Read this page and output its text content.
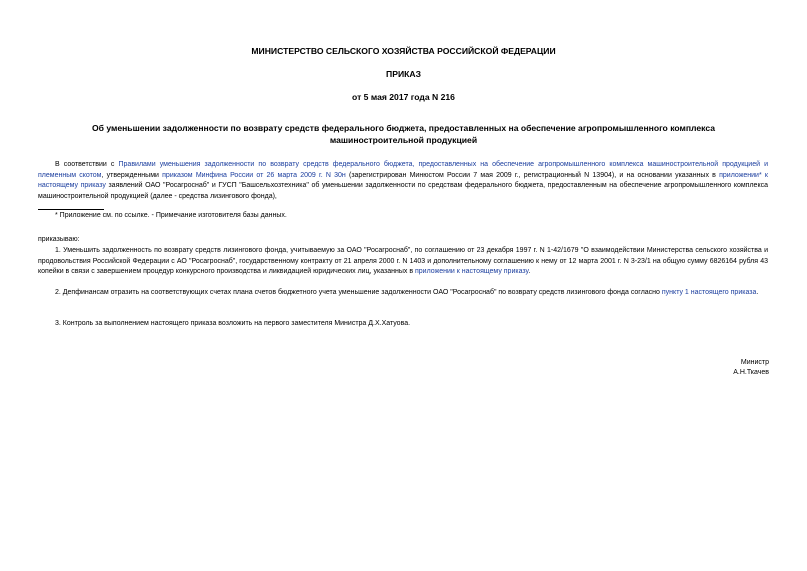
МИНИСТЕРСТВО СЕЛЬСКОГО ХОЗЯЙСТВА РОССИЙСКОЙ ФЕДЕРАЦИИ
ПРИКАЗ
от 5 мая 2017 года N 216
Об уменьшении задолженности по возврату средств федерального бюджета, предоставленных на обеспечение агропромышленного комплекса
машиностроительной продукцией
В соответствии с Правилами уменьшения задолженности по возврату средств федерального бюджета, предоставленных на обеспечение агропромышленного комплекса машиностроительной продукцией и племенным скотом, утвержденными приказом Минфина России от 26 марта 2009 г. N 30н (зарегистрирован Минюстом России 7 мая 2009 г., регистрационный N 13904), и на основании указанных в приложении* к настоящему приказу заявлений ОАО "Росагроснаб" и ГУСП "Башсельхозтехника" об уменьшении задолженности по средствам федерального бюджета, предоставленным на обеспечение агропромышленного комплекса машиностроительной продукцией (далее - средства лизингового фонда),
* Приложение см. по ссылке. - Примечание изготовителя базы данных.
приказываю:
1. Уменьшить задолженность по возврату средств лизингового фонда, учитываемую за ОАО "Росагроснаб", по соглашению от 23 декабря 1997 г. N 1-42/1679 "О взаимодействии Министерства сельского хозяйства и продовольствия Российской Федерации с АО "Росагроснаб", государственному контракту от 21 апреля 2000 г. N 1403 и дополнительному соглашению к нему от 12 марта 2001 г. N 3-23/1 на общую сумму 6826164 рубля 43 копейки в связи с завершением процедур конкурсного производства и ликвидацией юридических лиц, указанных в приложении к настоящему приказу.
2. Депфинансам отразить на соответствующих счетах плана счетов бюджетного учета уменьшение задолженности ОАО "Росагроснаб" по возврату средств лизингового фонда согласно пункту 1 настоящего приказа.
3. Контроль за выполнением настоящего приказа возложить на первого заместителя Министра Д.Х.Хатуова.
Министр
А.Н.Ткачев
